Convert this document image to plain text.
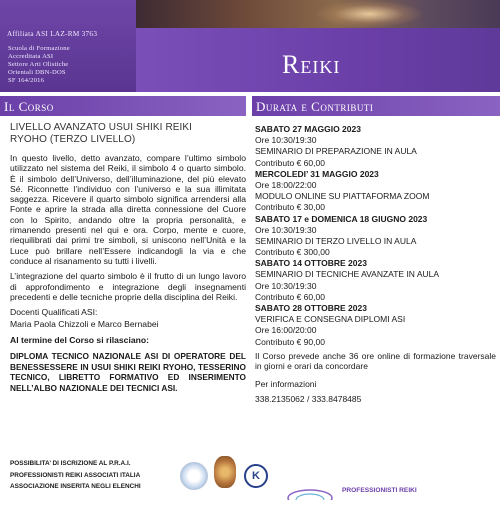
Affiliata ASI LAZ-RM 3763
Scuola di Formazione
Accreditata ASI
Settore Arti Olistiche
Orientali DBN-DOS
SF 164/2016
Reiki
Il Corso	Durata e Contributi
LIVELLO AVANZATO USUI SHIKI REIKI
RYOHO (TERZO LIVELLO)

In questo livello, detto avanzato, compare l’ultimo simbolo utilizzato nel sistema del Reiki, il simbolo 4 o quarto simbolo. È il simbolo dell’Universo, dell’illuminazione, del più elevato Sé. Riconnette l’individuo con l’universo e la sua illimitata saggezza. Ricevere il quarto simbolo significa arrendersi alla Fonte e aprire la strada alla diretta connessione del Cuore con lo Spirito, andando oltre la propria personalità, e rimanendo presenti nel qui e ora. Corpo, mente e cuore, riequilibrati dai primi tre simboli, si uniscono nell’Unità e la Luce può brillare nell’Essere indicandogli la via e che conduce al risanamento su tutti i livelli.

L’integrazione del quarto simbolo è il frutto di un lungo lavoro di approfondimento e integrazione degli insegnamenti precedenti e delle tecniche proprie della disciplina del Reiki.

Docenti Qualificati ASI:

Maria Paola Chizzoli e Marco Bernabei

Al termine del Corso si rilasciano:

DIPLOMA TECNICO NAZIONALE ASI DI OPERATORE DEL BENESSESSERE IN USUI SHIKI REIKI RYOHO, TESSERINO TECNICO, LIBRETTO FORMATIVO ED INSERIMENTO NELL’ALBO NAZIONALE DEI TECNICI ASI.

SABATO 27 MAGGIO 2023
Ore 10:30/19:30
SEMINARIO DI PREPARAZIONE IN AULA
Contributo € 60,00
MERCOLEDI’ 31 MAGGIO 2023
Ore 18:00/22:00
MODULO ONLINE SU PIATTAFORMA ZOOM
Contributo € 30,00
SABATO 17 e DOMENICA 18 GIUGNO 2023
Ore 10:30/19:30
SEMINARIO DI TERZO LIVELLO IN AULA
Contributo € 300,00
SABATO 14 OTTOBRE 2023
SEMINARIO DI TECNICHE AVANZATE IN AULA
Ore 10:30/19:30
Contributo € 60,00
SABATO 28 OTTOBRE 2023
VERIFICA E CONSEGNA DIPLOMI ASI
Ore 16:00/20:00
Contributo € 90,00
Il Corso prevede anche 36 ore online di formazione traversale in giorni e orari da concordare
Per informazioni
338.2135062 / 333.8478485
POSSIBILITA’ DI ISCRIZIONE AL P.R.A.I.
PROFESSIONISTI REIKI ASSOCIATI ITALIA
ASSOCIAZIONE INSERITA NEGLI ELENCHI
K
PROFESSIONISTI REIKI
